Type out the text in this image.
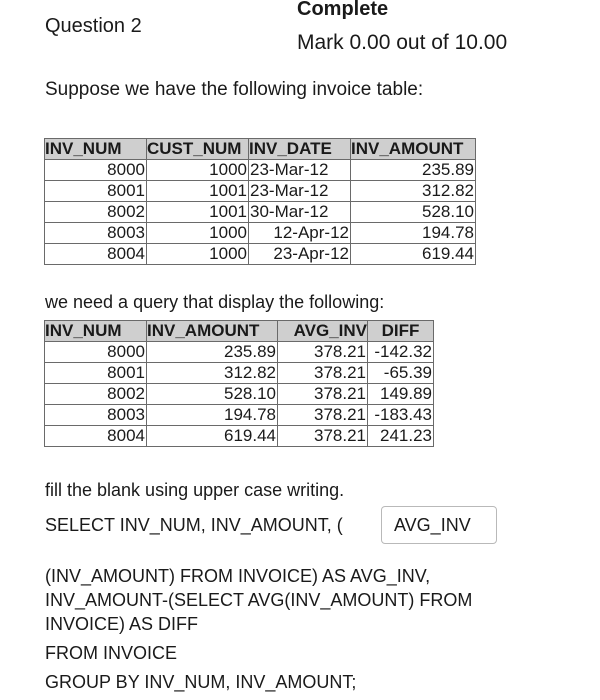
Question 2
Complete
Mark 0.00 out of 10.00
Suppose we have the following invoice table:
INV_NUM	CUST_NUM	INV_DATE	INV_AMOUNT
8000	1000	23-Mar-12	235.89
8001	1001	23-Mar-12	312.82
8002	1001	30-Mar-12	528.10
8003	1000	12-Apr-12	194.78
8004	1000	23-Apr-12	619.44
we need a query that display the following:
INV_NUM	INV_AMOUNT	AVG_INV	DIFF
8000	235.89	378.21	-142.32
8001	312.82	378.21	-65.39
8002	528.10	378.21	149.89
8003	194.78	378.21	-183.43
8004	619.44	378.21	241.23
fill the blank using upper case writing.
SELECT INV_NUM, INV_AMOUNT, (	AVG_INV
(INV_AMOUNT) FROM INVOICE) AS AVG_INV,
INV_AMOUNT-(SELECT AVG(INV_AMOUNT) FROM
INVOICE) AS DIFF
FROM INVOICE
GROUP BY INV_NUM, INV_AMOUNT;
